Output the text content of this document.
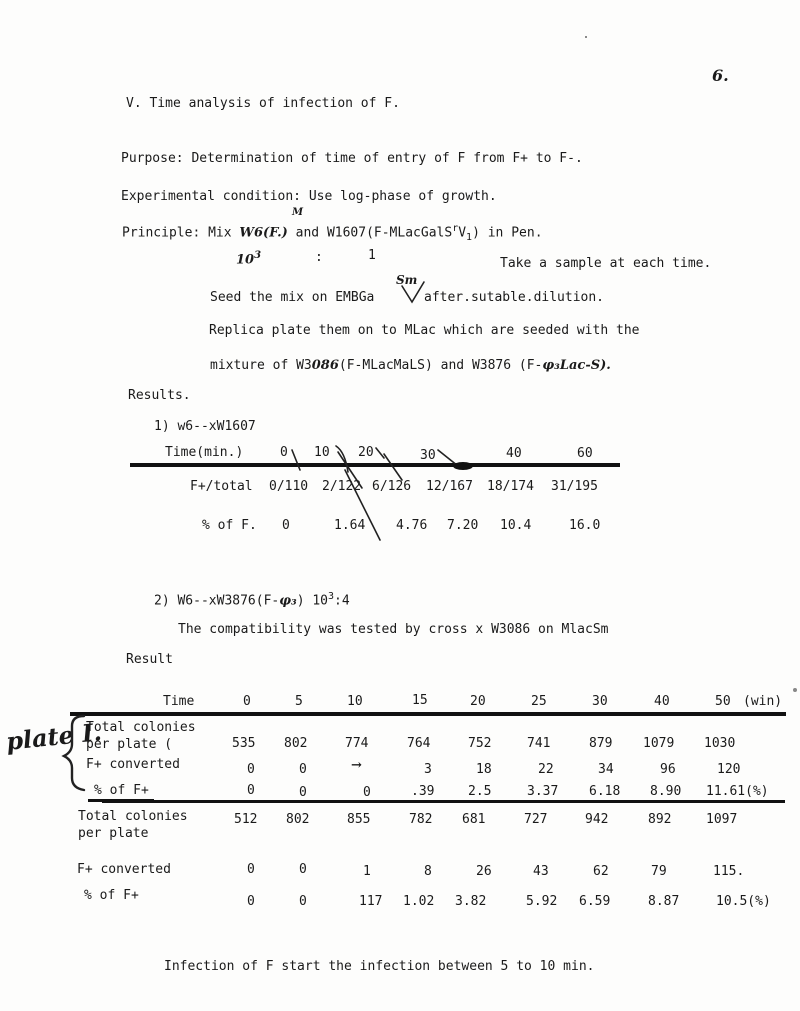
6.
V. Time analysis of infection of F.
Purpose: Determination of time of entry of F from F+ to F-.
Experimental condition: Use log-phase of growth.
Principle: Mix W6(F.) and $W1607(F-MLacGalS^rV_1)$ in Pen.
M
$10^3$	:	1
Take a sample at each time.
Seed the mix on EMBGa
Sm
after.sutable.dilution.
Replica plate them on to MLac which are seeded with the
mixture of W3086(F-MLacMaLS) and W3876 (F-φ₃Lac-S).
Results.
1) w6--xW1607
Time(min.)	0 10 20	30	40	60
F+/total 0/110 2/122 6/126 12/167 18/174 31/195
% of F. 0	1.64 4.76 7.20 10.4	16.0
2) W6--xW3876(F-φ₃) $10^3:4$
The compatibility was tested by cross x W3086 on MlacSm
Result
Time	0	5	10	15	20	25	30	40	50 (win)
plate I.
Total colonies
per plate (	535 802	774	764	752	741	879 1079 1030
F+ converted	0	0	→	3	18	22	34	96	120
% of F+	0	0	0	.39	2.5	3.37 6.18 8.90 11.61(%)
Total colonies
per plate
512 802	855	782 681	727	942	892	1097
F+ converted	0	0	1	8	26	43	62	79	115.
% of F+	0	0	117 1.02 3.82	5.92 6.59	8.87	10.5(%)
Infection of F start the infection between 5 to 10 min.
